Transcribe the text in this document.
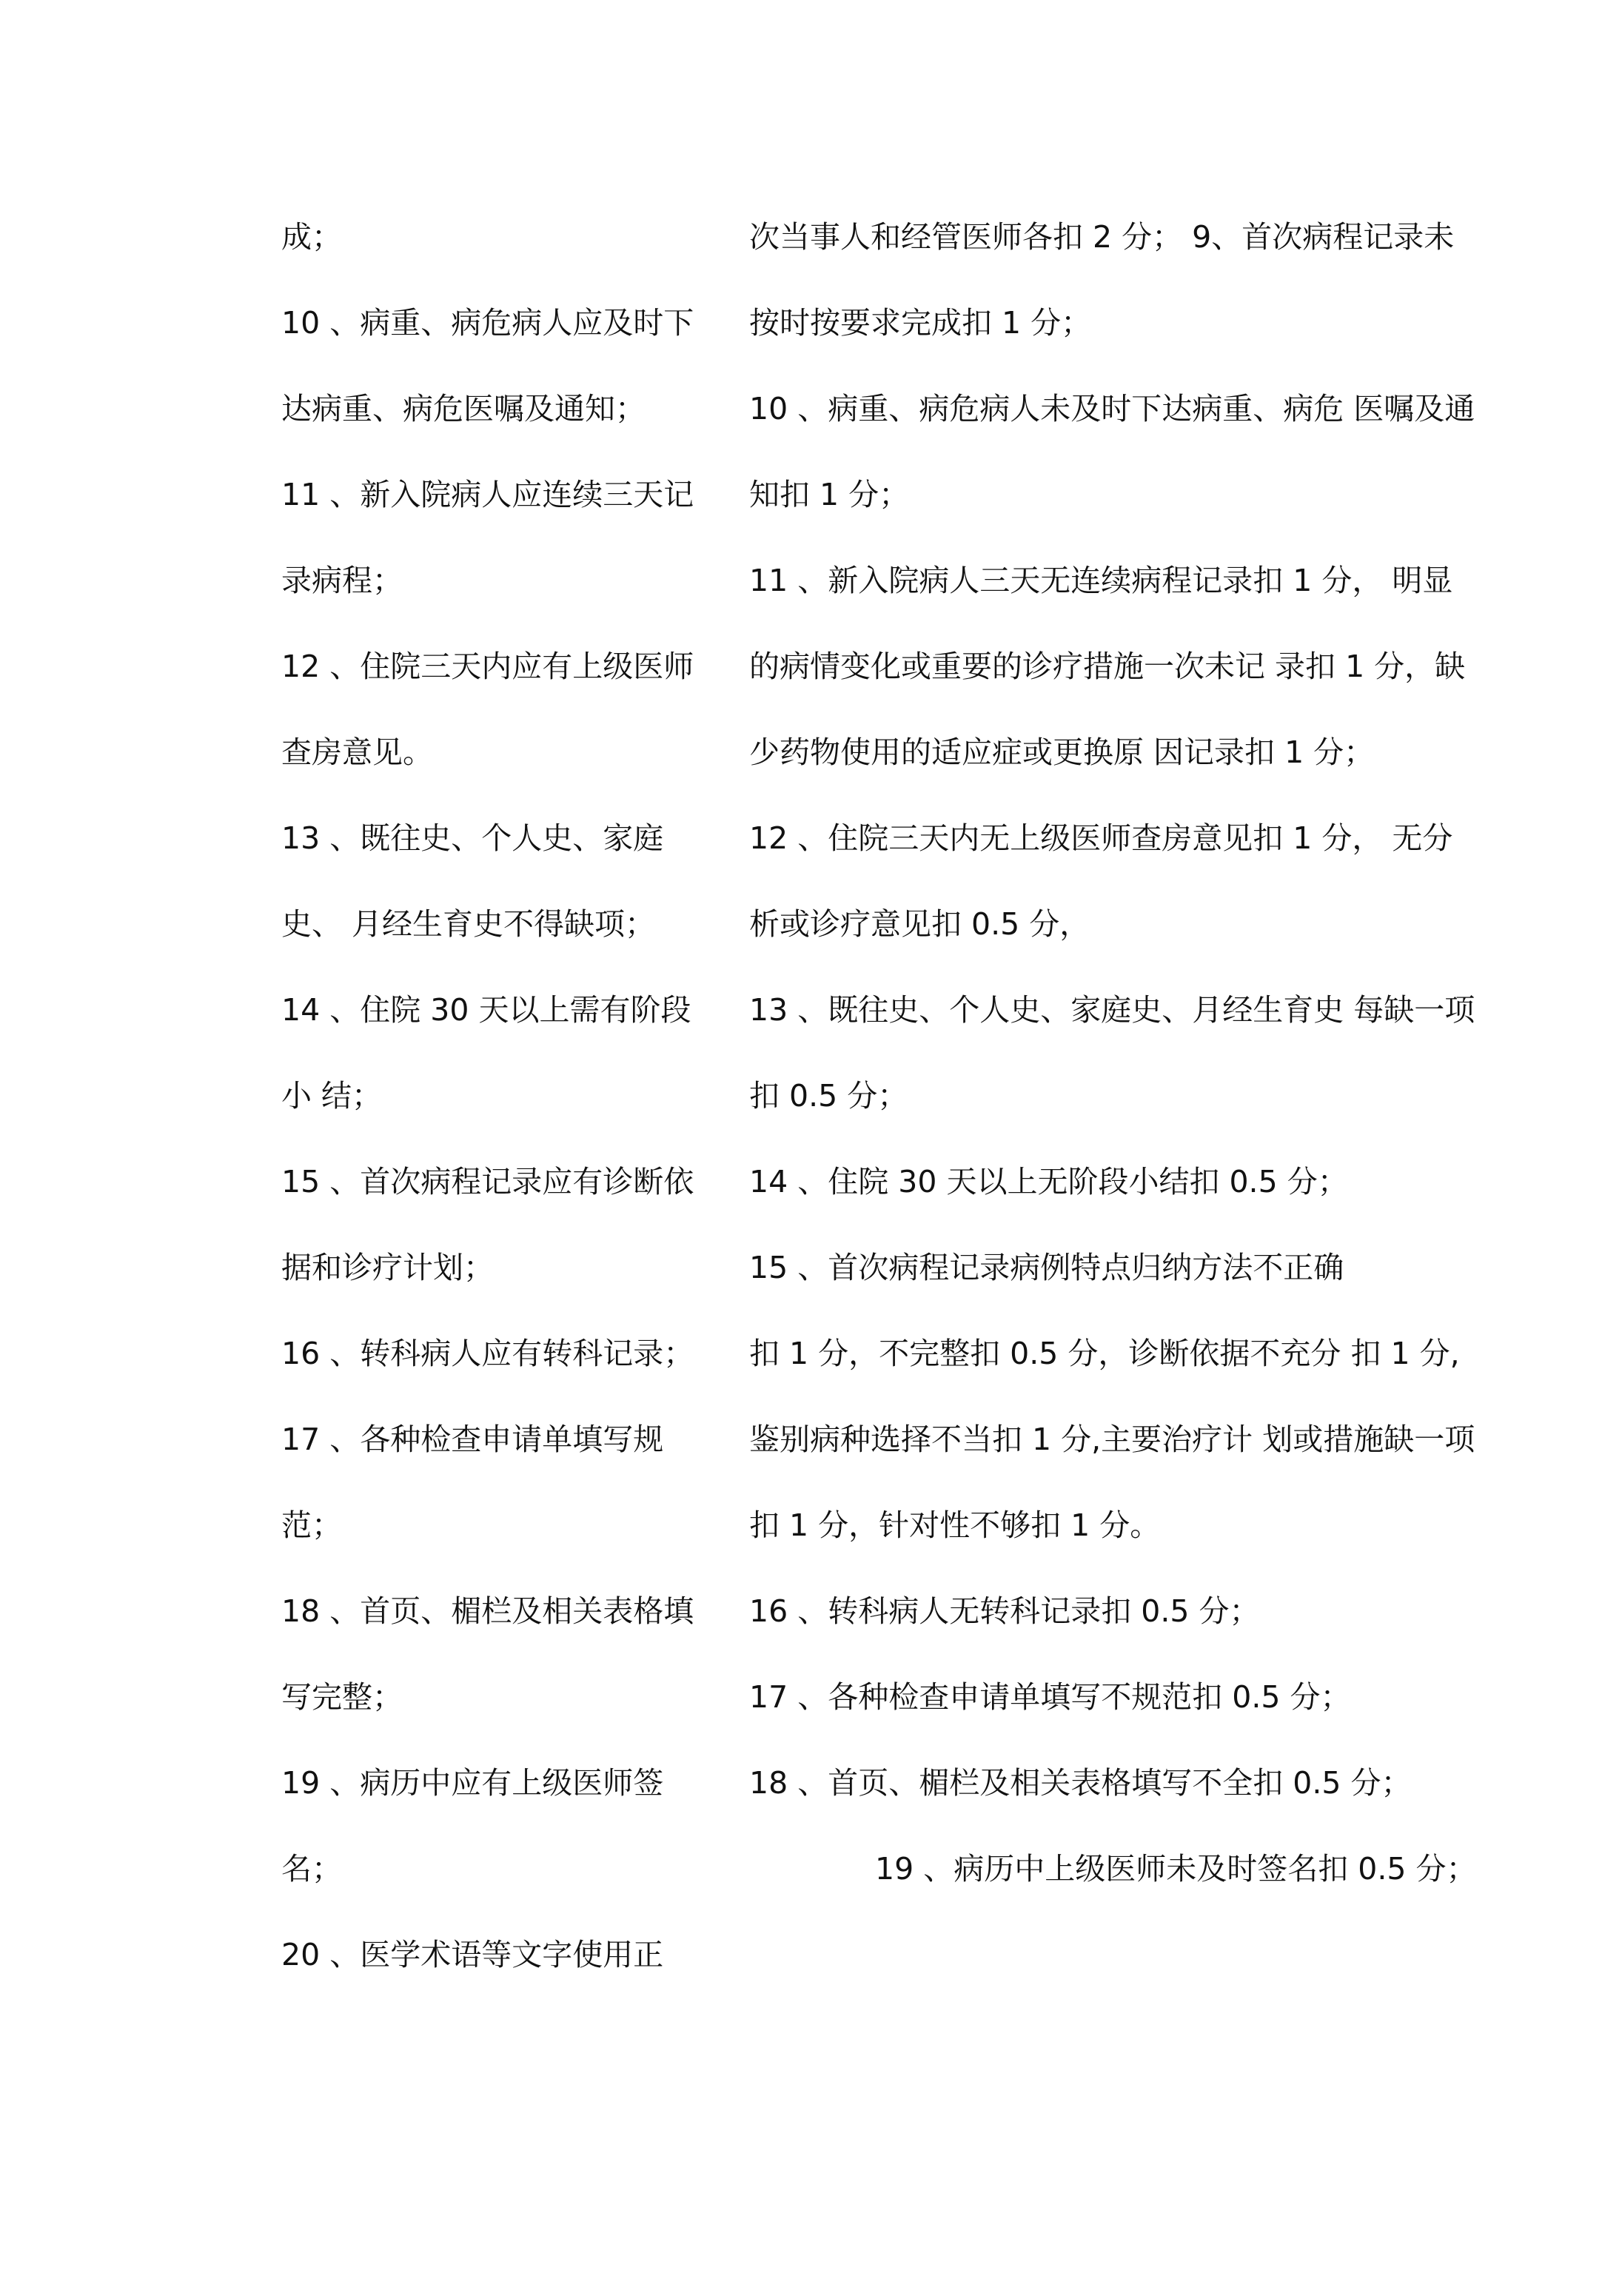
成；
10 、病重、病危病人应及时下
达病重、病危医嘱及通知；
11 、新入院病人应连续三天记
录病程；
12 、住院三天内应有上级医师
查房意见。
13 、既往史、个人史、家庭
史、 月经生育史不得缺项；
14 、住院 30 天以上需有阶段
小 结；
15 、首次病程记录应有诊断依
据和诊疗计划；
16 、转科病人应有转科记录；
17 、各种检查申请单填写规
范；
18 、首页、楣栏及相关表格填
写完整；
19 、病历中应有上级医师签
名；
20 、医学术语等文字使用正
次当事人和经管医师各扣 2 分； 9、首次病程记录未
按时按要求完成扣 1 分；
10 、病重、病危病人未及时下达病重、病危 医嘱及通
知扣 1 分；
11 、新入院病人三天无连续病程记录扣 1 分， 明显
的病情变化或重要的诊疗措施一次未记 录扣 1 分，缺
少药物使用的适应症或更换原 因记录扣 1 分；
12 、住院三天内无上级医师查房意见扣 1 分， 无分
析或诊疗意见扣 0.5 分，
13 、既往史、个人史、家庭史、月经生育史 每缺一项
扣 0.5 分；
14 、住院 30 天以上无阶段小结扣 0.5 分；
15 、首次病程记录病例特点归纳方法不正确
扣 1 分，不完整扣 0.5 分，诊断依据不充分 扣 1 分,
鉴别病种选择不当扣 1 分,主要治疗计 划或措施缺一项
扣 1 分，针对性不够扣 1 分。
16 、转科病人无转科记录扣 0.5 分；
17 、各种检查申请单填写不规范扣 0.5 分；
18 、首页、楣栏及相关表格填写不全扣 0.5 分；
19 、病历中上级医师未及时签名扣 0.5 分；
